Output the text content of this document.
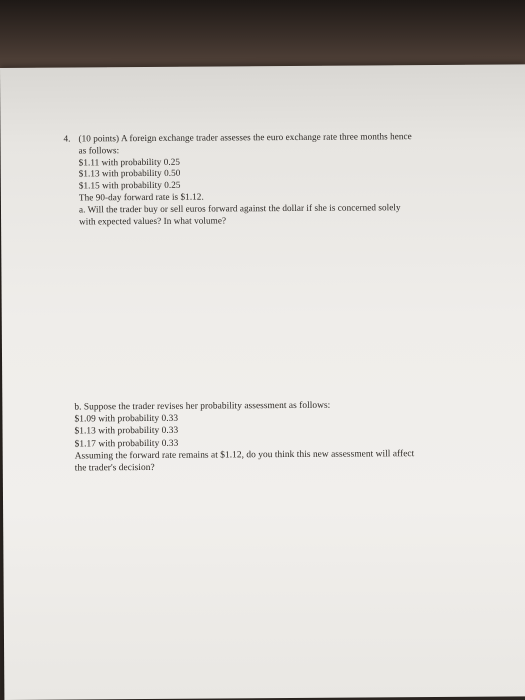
4. (10 points) A foreign exchange trader assesses the euro exchange rate three months hence
as follows:
$1.11 with probability 0.25
$1.13 with probability 0.50
$1.15 with probability 0.25
The 90-day forward rate is $1.12.
a. Will the trader buy or sell euros forward against the dollar if she is concerned solely
with expected values? In what volume?
b. Suppose the trader revises her probability assessment as follows:
$1.09 with probability 0.33
$1.13 with probability 0.33
$1.17 with probability 0.33
Assuming the forward rate remains at $1.12, do you think this new assessment will affect
the trader's decision?
